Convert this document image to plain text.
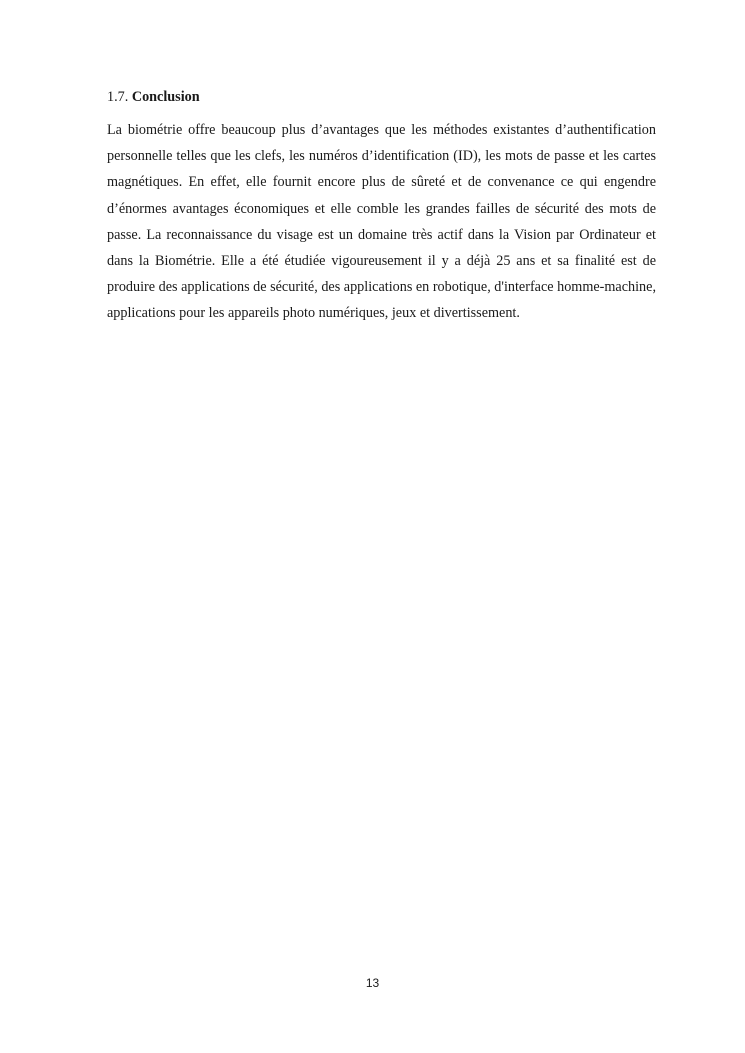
1.7. Conclusion

La biométrie offre beaucoup plus d’avantages que les méthodes existantes d’authentification personnelle telles que les clefs, les numéros d’identification (ID), les mots de passe et les cartes magnétiques. En effet, elle fournit encore plus de sûreté et de convenance ce qui engendre d’énormes avantages économiques et elle comble les grandes failles de sécurité des mots de passe. La reconnaissance du visage est un domaine très actif dans la Vision par Ordinateur et dans la Biométrie. Elle a été étudiée vigoureusement il y a déjà 25 ans et sa finalité est de produire des applications de sécurité, des applications en robotique, d'interface homme-machine, applications pour les appareils photo numériques, jeux et divertissement.

13
